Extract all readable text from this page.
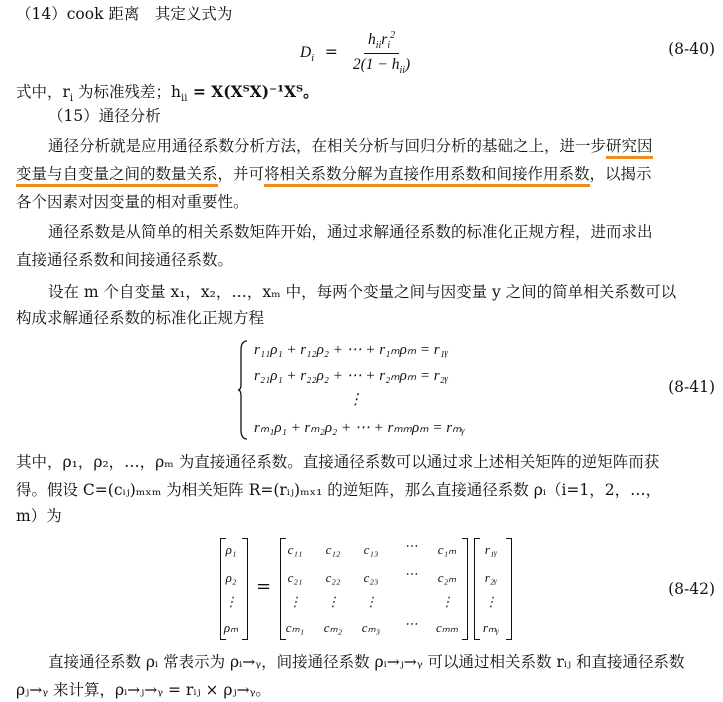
（14）cook 距离　其定义式为
$D_i = \frac{h_{ii}r_i^2}{2(1 - h_{ii})}$	(8-40)
式中，$r_i$ 为标准残差；$h_{ii}$ = X(XᵀX)⁻¹Xᵀ。
（15）通径分析
通径分析就是应用通径系数分析方法，在相关分析与回归分析的基础之上，进一步研究因
变量与自变量之间的数量关系，并可将相关系数分解为直接作用系数和间接作用系数，以揭示
各个因素对因变量的相对重要性。
通径系数是从简单的相关系数矩阵开始，通过求解通径系数的标准化正规方程，进而求出
直接通径系数和间接通径系数。
设在 m 个自变量 x₁，x₂，…，xₘ 中，每两个变量之间与因变量 y 之间的简单相关系数可以
构成求解通径系数的标准化正规方程
r₁₁ρ₁ + r₁₂ρ₂ + ⋯ + r₁ₘρₘ = r₁ᵧ
r₂₁ρ₁ + r₂₂ρ₂ + ⋯ + r₂ₘρₘ = r₂ᵧ
⋮
rₘ₁ρ₁ + rₘ₂ρ₂ + ⋯ + rₘₘρₘ = rₘᵧ
(8-41)
其中，ρ₁，ρ₂，…，ρₘ 为直接通径系数。直接通径系数可以通过求上述相关矩阵的逆矩阵而获
得。假设 C=(cᵢⱼ)ₘₓₘ 为相关矩阵 R=(rᵢⱼ)ₘₓ₁ 的逆矩阵，那么直接通径系数 ρᵢ（i=1，2，…，
m）为
ρ₁
ρ₂
⋮
ρₘ
=
c₁₁	c₁₂	c₁₃	⋯	c₁ₘ
c₂₁	c₂₂	c₂₃	⋯	c₂ₘ
⋮	⋮	⋮	⋮
cₘ₁	cₘ₂	cₘ₃	⋯	cₘₘ
r₁ᵧ
r₂ᵧ
⋮
rₘᵧ
(8-42)
直接通径系数 ρᵢ 常表示为 ρᵢ→ᵧ，间接通径系数 ρᵢ→ⱼ→ᵧ 可以通过相关系数 rᵢⱼ 和直接通径系数
ρⱼ→ᵧ 来计算，ρᵢ→ⱼ→ᵧ = rᵢⱼ × ρⱼ→ᵧ。
